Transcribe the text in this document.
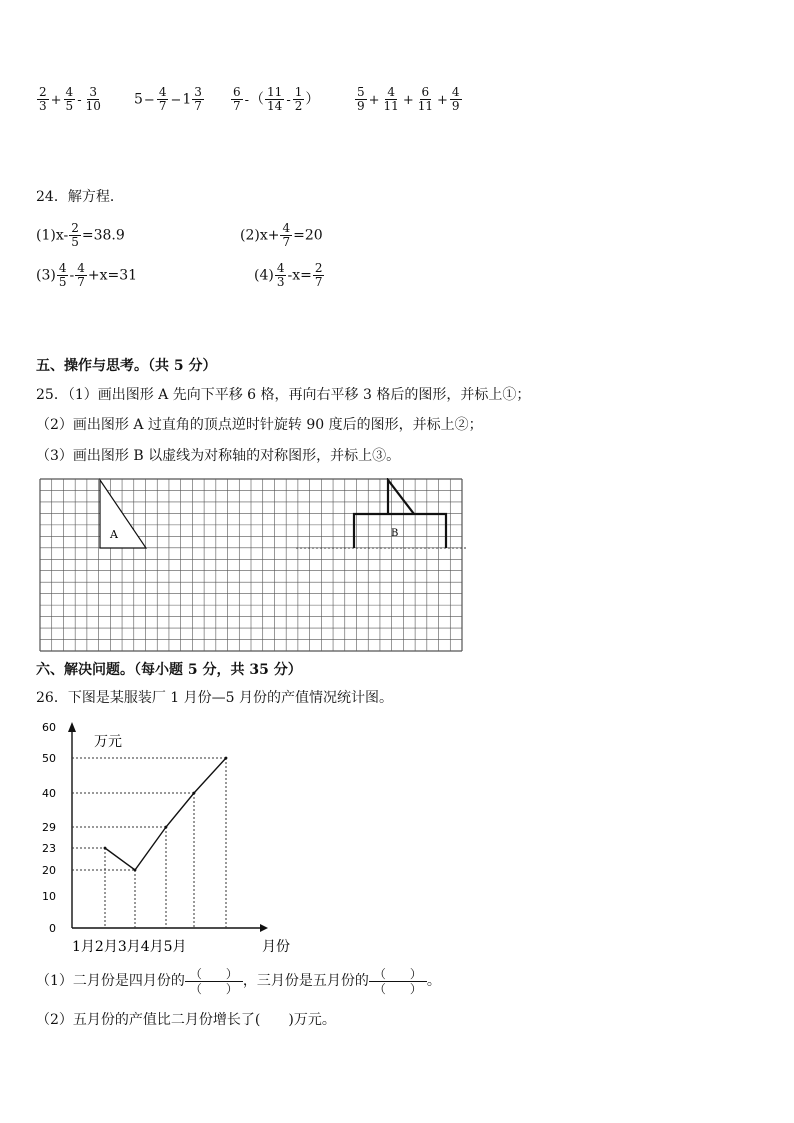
$\frac{2}{3} + \frac{4}{5} - \frac{3}{10} 5- \frac{4}{7} -1 \frac{3}{7} \frac{6}{7}$ -（ $\frac{11}{14} - \frac{1}{2}$ ）	$\frac{5}{9} + \frac{4}{11} + \frac{6}{11} + \frac{4}{9}$
24．解方程．
$(1)x- \frac{2}{5} =38.9$	$(2)x+ \frac{4}{7} =20$
$(3) \frac{4}{5} - \frac{4}{7} +x=31$	$(4) \frac{4}{3} -x= \frac{2}{7}$
五、操作与思考。（共 5 分）
25．（1）画出图形 A 先向下平移 6 格，再向右平移 3 格后的图形，并标上①；
（2）画出图形 A 过直角的顶点逆时针旋转 90 度后的图形，并标上②；
（3）画出图形 B 以虚线为对称轴的对称图形，并标上③。
A	B
六、解决问题。（每小题 5 分，共 35 分）
26．下图是某服装厂 1 月份—5 月份的产值情况统计图。
0
10
20
23
29
40
50
60
万元
1月2月3月4月5月	月份
（1）二月份是四月份的 （　　）
（　　） ，三月份是五月份的 （　　）
（　　） 。
（2）五月份的产值比二月份增长了(　　)万元。
